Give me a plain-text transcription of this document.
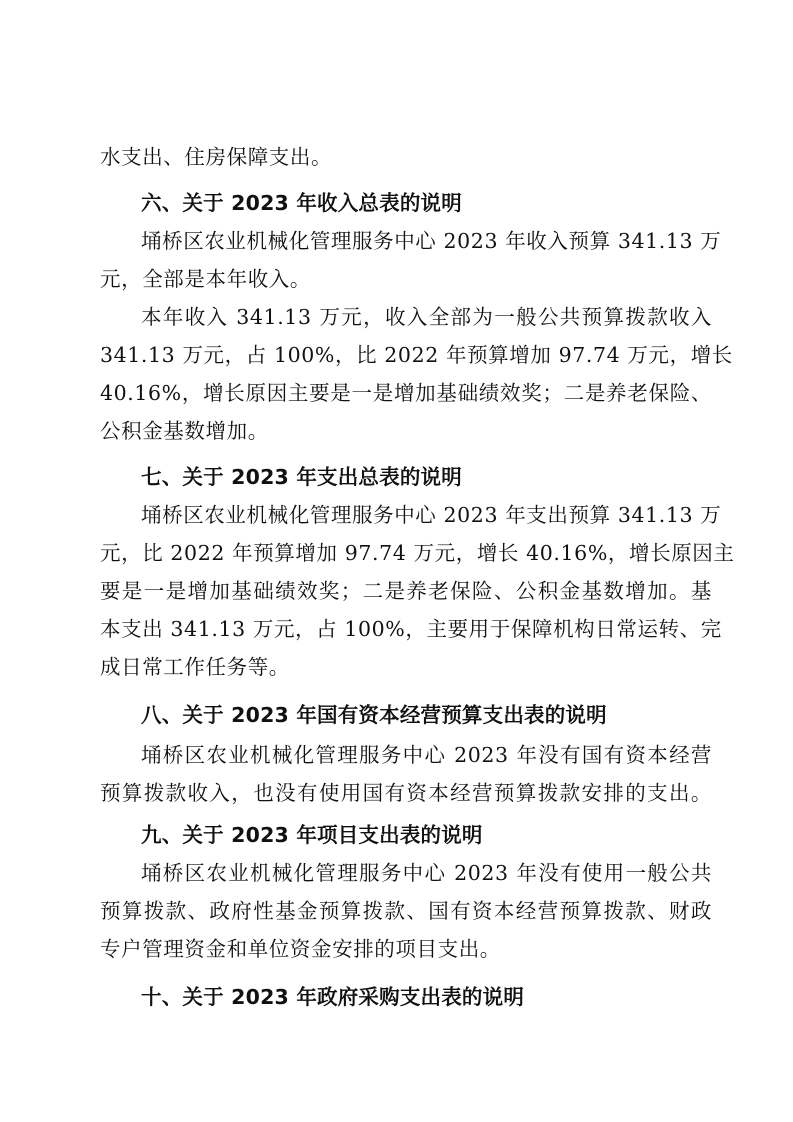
水支出、住房保障支出。
六、关于 2023 年收入总表的说明
埇桥区农业机械化管理服务中心 2023 年收入预算 341.13 万
元，全部是本年收入。
本年收入 341.13 万元，收入全部为一般公共预算拨款收入
341.13 万元，占 100%，比 2022 年预算增加 97.74 万元，增长
40.16%，增长原因主要是一是增加基础绩效奖；二是养老保险、
公积金基数增加。
七、关于 2023 年支出总表的说明
埇桥区农业机械化管理服务中心 2023 年支出预算 341.13 万
元，比 2022 年预算增加 97.74 万元，增长 40.16%，增长原因主
要是一是增加基础绩效奖；二是养老保险、公积金基数增加。基
本支出 341.13 万元，占 100%，主要用于保障机构日常运转、完
成日常工作任务等。
八、关于 2023 年国有资本经营预算支出表的说明
埇桥区农业机械化管理服务中心 2023 年没有国有资本经营
预算拨款收入，也没有使用国有资本经营预算拨款安排的支出。
九、关于 2023 年项目支出表的说明
埇桥区农业机械化管理服务中心 2023 年没有使用一般公共
预算拨款、政府性基金预算拨款、国有资本经营预算拨款、财政
专户管理资金和单位资金安排的项目支出。
十、关于 2023 年政府采购支出表的说明
